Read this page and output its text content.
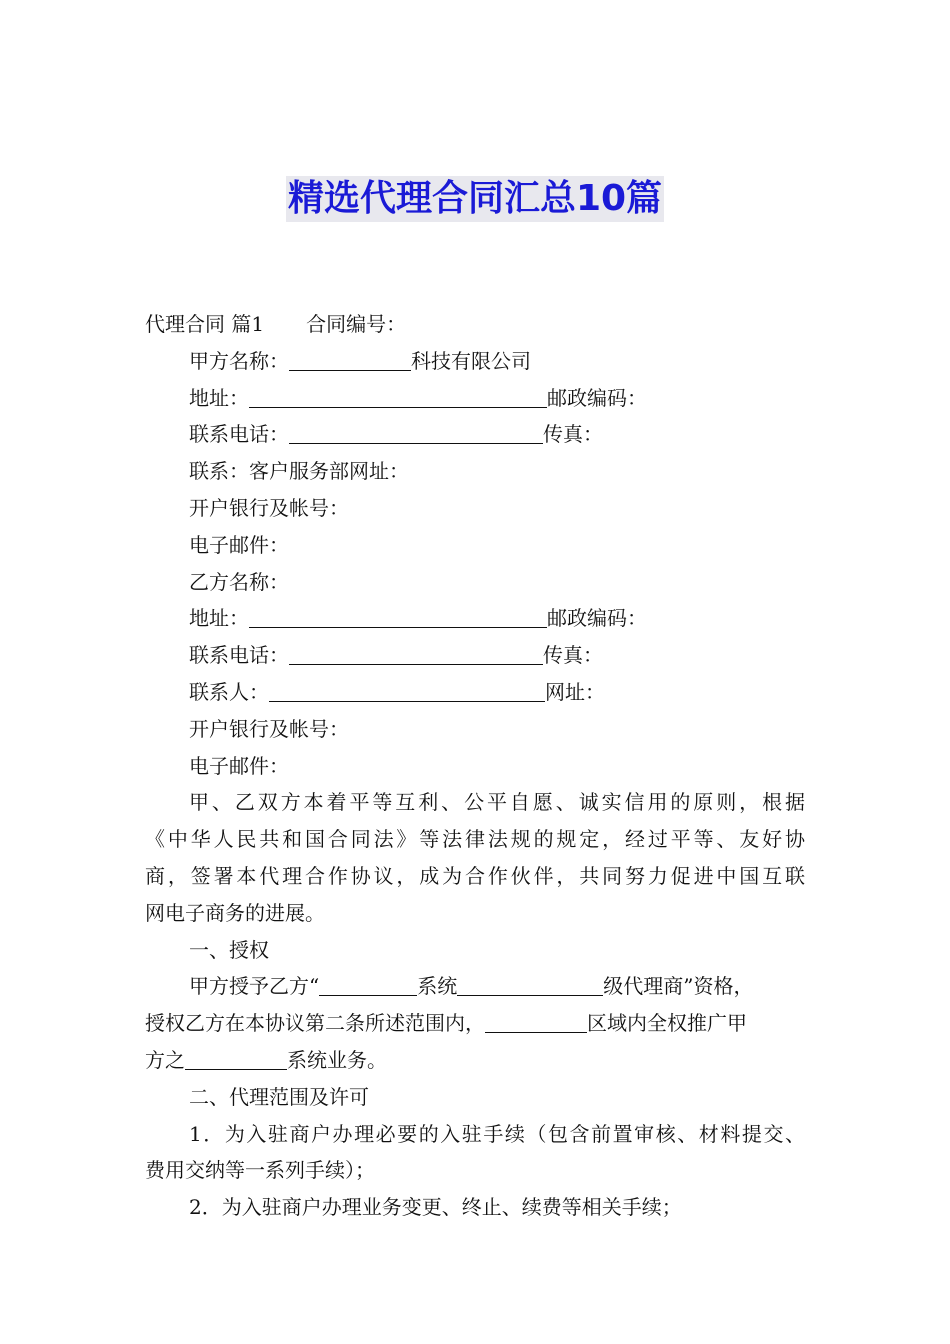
精选代理合同汇总10篇
代理合同 篇1 合同编号：
甲方名称：	科技有限公司
地址：	邮政编码：
联系电话：	传真：
联系：客户服务部网址：
开户银行及帐号：
电子邮件：
乙方名称：
地址：	邮政编码：
联系电话：	传真：
联系人：	网址：
开户银行及帐号：
电子邮件：
甲、乙双方本着平等互利、公平自愿、诚实信用的原则，根据
《中华人民共和国合同法》等法律法规的规定，经过平等、友好协
商，签署本代理合作协议，成为合作伙伴，共同努力促进中国互联
网电子商务的进展。
一、授权
甲方授予乙方“	系统	级代理商”资格，
授权乙方在本协议第二条所述范围内，	区域内全权推广甲
方之	系统业务。
二、代理范围及许可
1．为入驻商户办理必要的入驻手续（包含前置审核、材料提交、
费用交纳等一系列手续）；
2．为入驻商户办理业务变更、终止、续费等相关手续；
